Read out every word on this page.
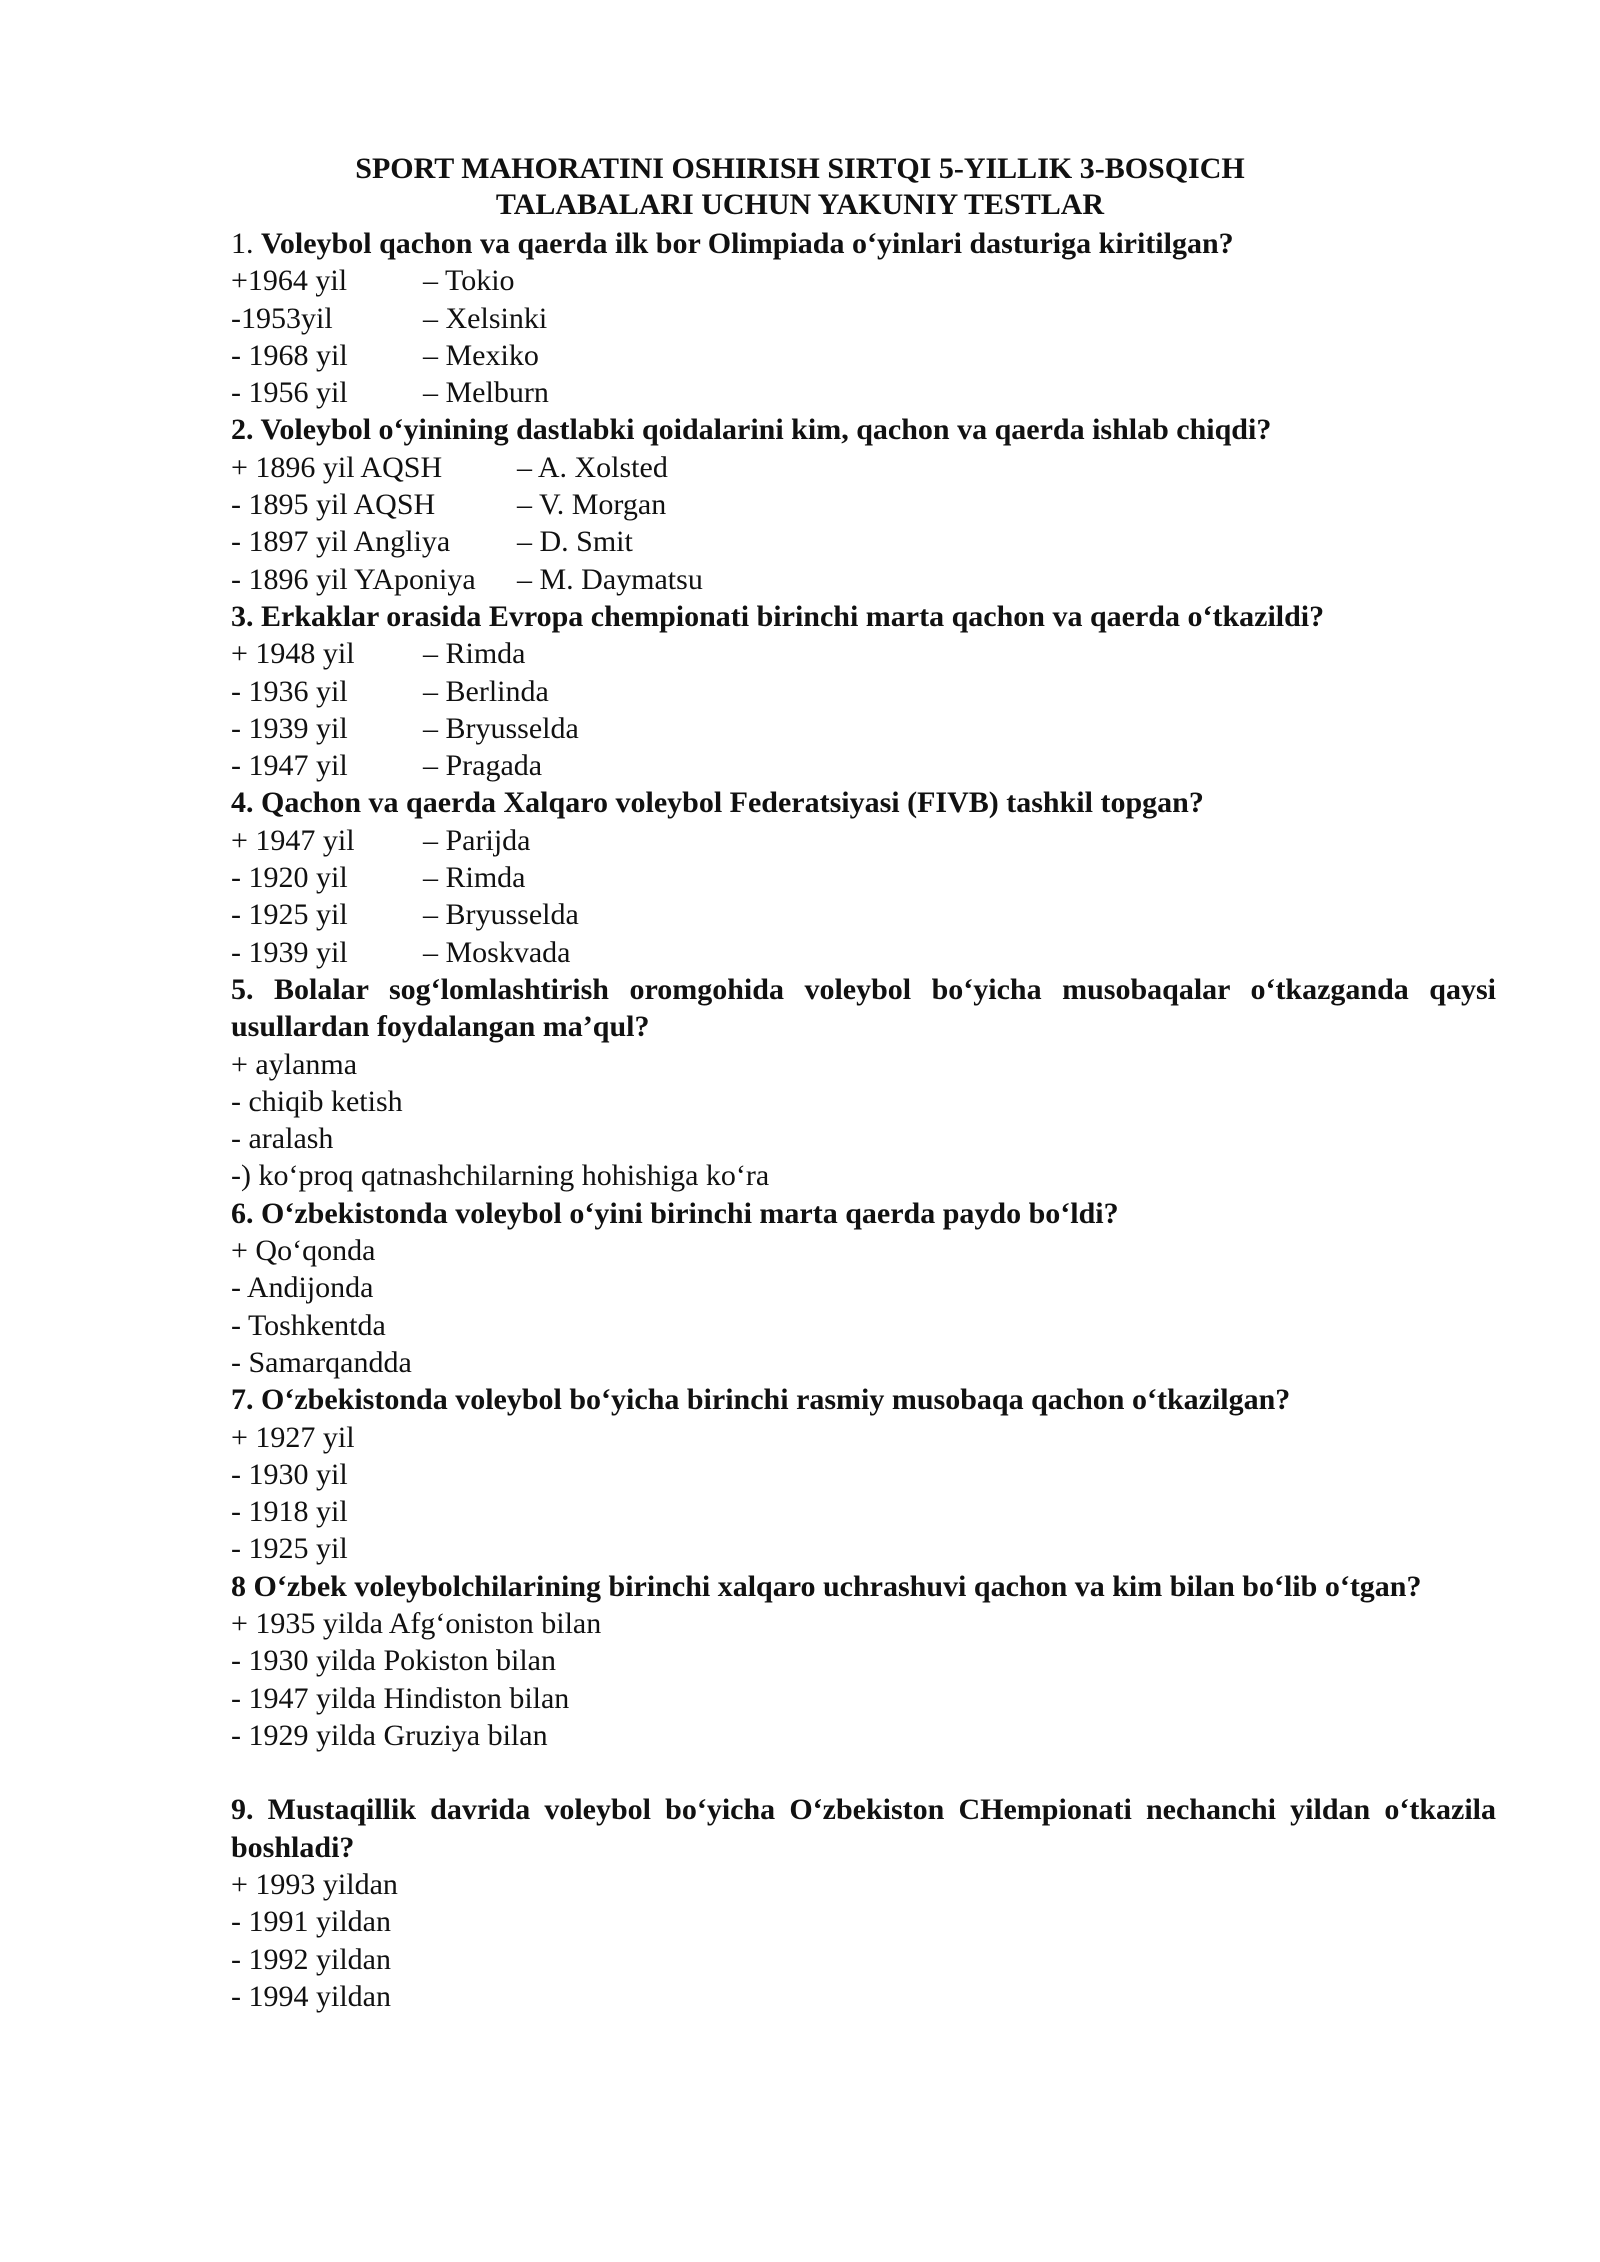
SPORT MAHORATINI OSHIRISH SIRTQI 5-YILLIK 3-BOSQICH
TALABALARI UCHUN YAKUNIY TESTLAR
1. Voleybol qachon va qaerda ilk bor Olimpiada oʻyinlari dasturiga kiritilgan?
+1964 yil	– Tokio
-1953yil	– Xelsinki
- 1968 yil	– Mexiko
- 1956 yil	– Melburn
2. Voleybol oʻyinining dastlabki qoidalarini kim, qachon va qaerda ishlab chiqdi?
+ 1896 yil AQSH – A. Xolsted
- 1895 yil AQSH	– V. Morgan
- 1897 yil Angliya – D. Smit
- 1896 yil YAponiya – M. Daymatsu
3. Erkaklar orasida Evropa chempionati birinchi marta qachon va qaerda oʻtkazildi?
+ 1948 yil – Rimda
- 1936 yil	– Berlinda
- 1939 yil	– Bryusselda
- 1947 yil	– Pragada
4. Qachon va qaerda Xalqaro voleybol Federatsiyasi (FIVB) tashkil topgan?
+ 1947 yil – Parijda
- 1920 yil	– Rimda
- 1925 yil	– Bryusselda
- 1939 yil	– Moskvada
5. Bolalar sogʻlomlashtirish oromgohida voleybol boʻyicha musobaqalar oʻtkazganda qaysi usullardan foydalangan ma’qul?
+ aylanma
- chiqib ketish
- aralash
-) koʻproq qatnashchilarning hohishiga koʻra
6. Oʻzbekistonda voleybol oʻyini birinchi marta qaerda paydo boʻldi?
+ Qoʻqonda
- Andijonda
- Toshkentda
- Samarqandda
7. Oʻzbekistonda voleybol boʻyicha birinchi rasmiy musobaqa qachon oʻtkazilgan?
+ 1927 yil
- 1930 yil
- 1918 yil
- 1925 yil
8 Oʻzbek voleybolchilarining birinchi xalqaro uchrashuvi qachon va kim bilan boʻlib oʻtgan?
+ 1935 yilda Afgʻoniston bilan
- 1930 yilda Pokiston bilan
- 1947 yilda Hindiston bilan
- 1929 yilda Gruziya bilan
9. Mustaqillik davrida voleybol boʻyicha Oʻzbekiston CHempionati nechanchi yildan oʻtkazila boshladi?
+ 1993 yildan
- 1991 yildan
- 1992 yildan
- 1994 yildan
